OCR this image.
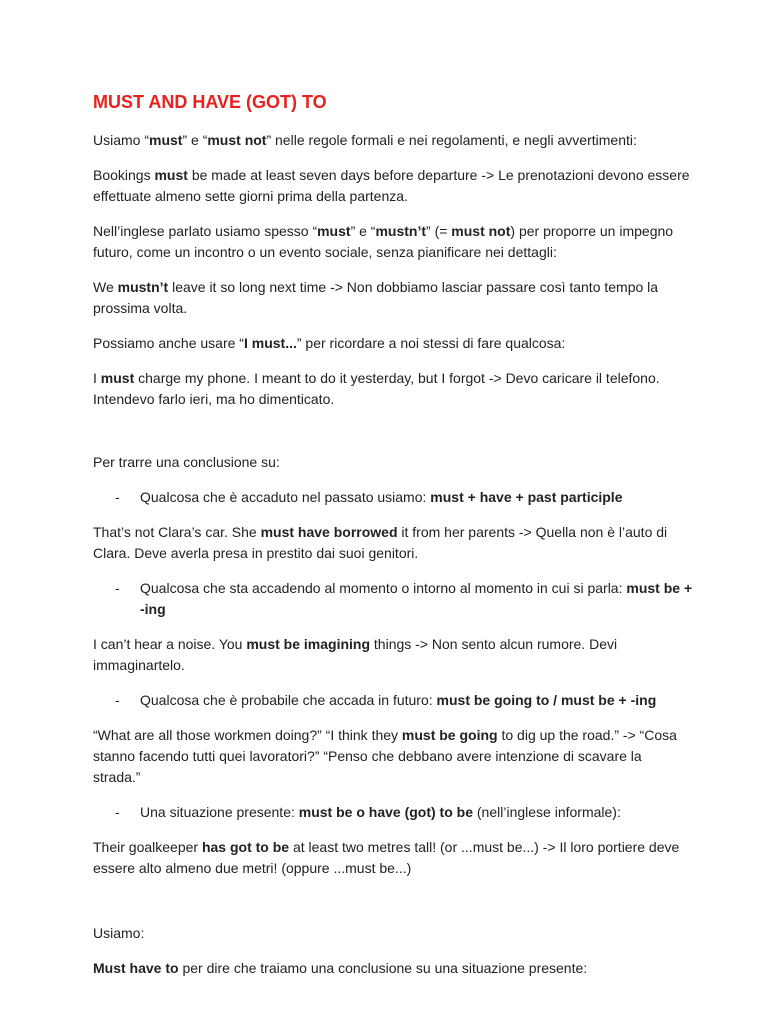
MUST AND HAVE (GOT) TO

Usiamo “must” e “must not” nelle regole formali e nei regolamenti, e negli avvertimenti:

Bookings must be made at least seven days before departure -> Le prenotazioni devono essere effettuate almeno sette giorni prima della partenza.

Nell’inglese parlato usiamo spesso “must” e “mustn’t” (= must not) per proporre un impegno futuro, come un incontro o un evento sociale, senza pianificare nei dettagli:

We mustn’t leave it so long next time -> Non dobbiamo lasciar passare così tanto tempo la prossima volta.

Possiamo anche usare “I must...” per ricordare a noi stessi di fare qualcosa:

I must charge my phone. I meant to do it yesterday, but I forgot -> Devo caricare il telefono. Intendevo farlo ieri, ma ho dimenticato.

Per trarre una conclusione su:

- Qualcosa che è accaduto nel passato usiamo: must + have + past participle

That’s not Clara’s car. She must have borrowed it from her parents -> Quella non è l’auto di Clara. Deve averla presa in prestito dai suoi genitori.

- Qualcosa che sta accadendo al momento o intorno al momento in cui si parla: must be + -ing

I can’t hear a noise. You must be imagining things -> Non sento alcun rumore. Devi immaginartelo.

- Qualcosa che è probabile che accada in futuro: must be going to / must be + -ing

“What are all those workmen doing?” “I think they must be going to dig up the road.” -> “Cosa stanno facendo tutti quei lavoratori?” “Penso che debbano avere intenzione di scavare la strada.”

- Una situazione presente: must be o have (got) to be (nell’inglese informale):

Their goalkeeper has got to be at least two metres tall! (or ...must be...) -> Il loro portiere deve essere alto almeno due metri! (oppure ...must be...)

Usiamo:

Must have to per dire che traiamo una conclusione su una situazione presente:
